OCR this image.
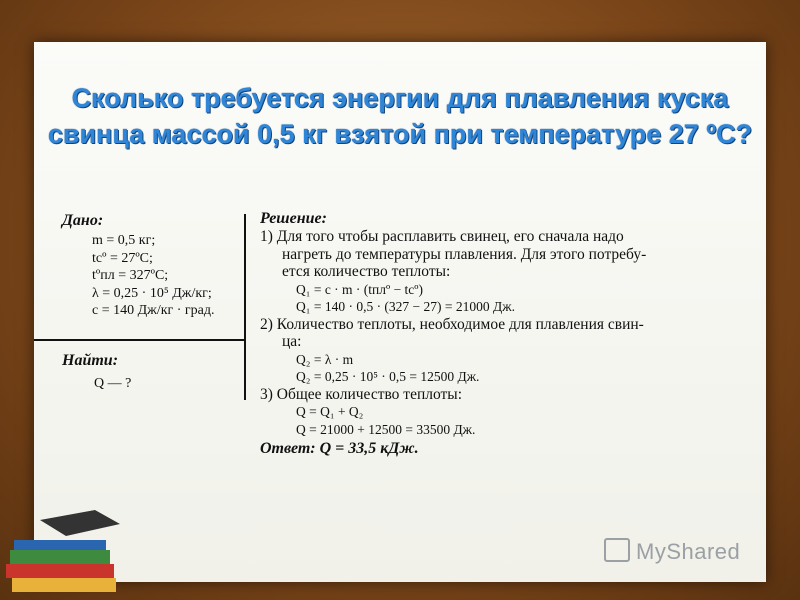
Сколько требуется энергии для плавления куска
свинца массой 0,5 кг взятой при температуре 27 ºС?
Дано:
m = 0,5 кг;
tсº = 27ºC;
tºпл = 327ºC;
λ = 0,25 · 10⁵ Дж/кг;
c = 140 Дж/кг · град.
Найти:
Q — ?
Решение:
1) Для того чтобы расплавить свинец, его сначала надо
нагреть до температуры плавления. Для этого потребу-
ется количество теплоты:
Q₁ = c · m · (tплº − tсº)
Q₁ = 140 · 0,5 · (327 − 27) = 21000 Дж.
2) Количество теплоты, необходимое для плавления свин-
ца:
Q₂ = λ · m
Q₂ = 0,25 · 10⁵ · 0,5 = 12500 Дж.
3) Общее количество теплоты:
Q = Q₁ + Q₂
Q = 21000 + 12500 = 33500 Дж.
Ответ: Q = 33,5 кДж.
MyShared
